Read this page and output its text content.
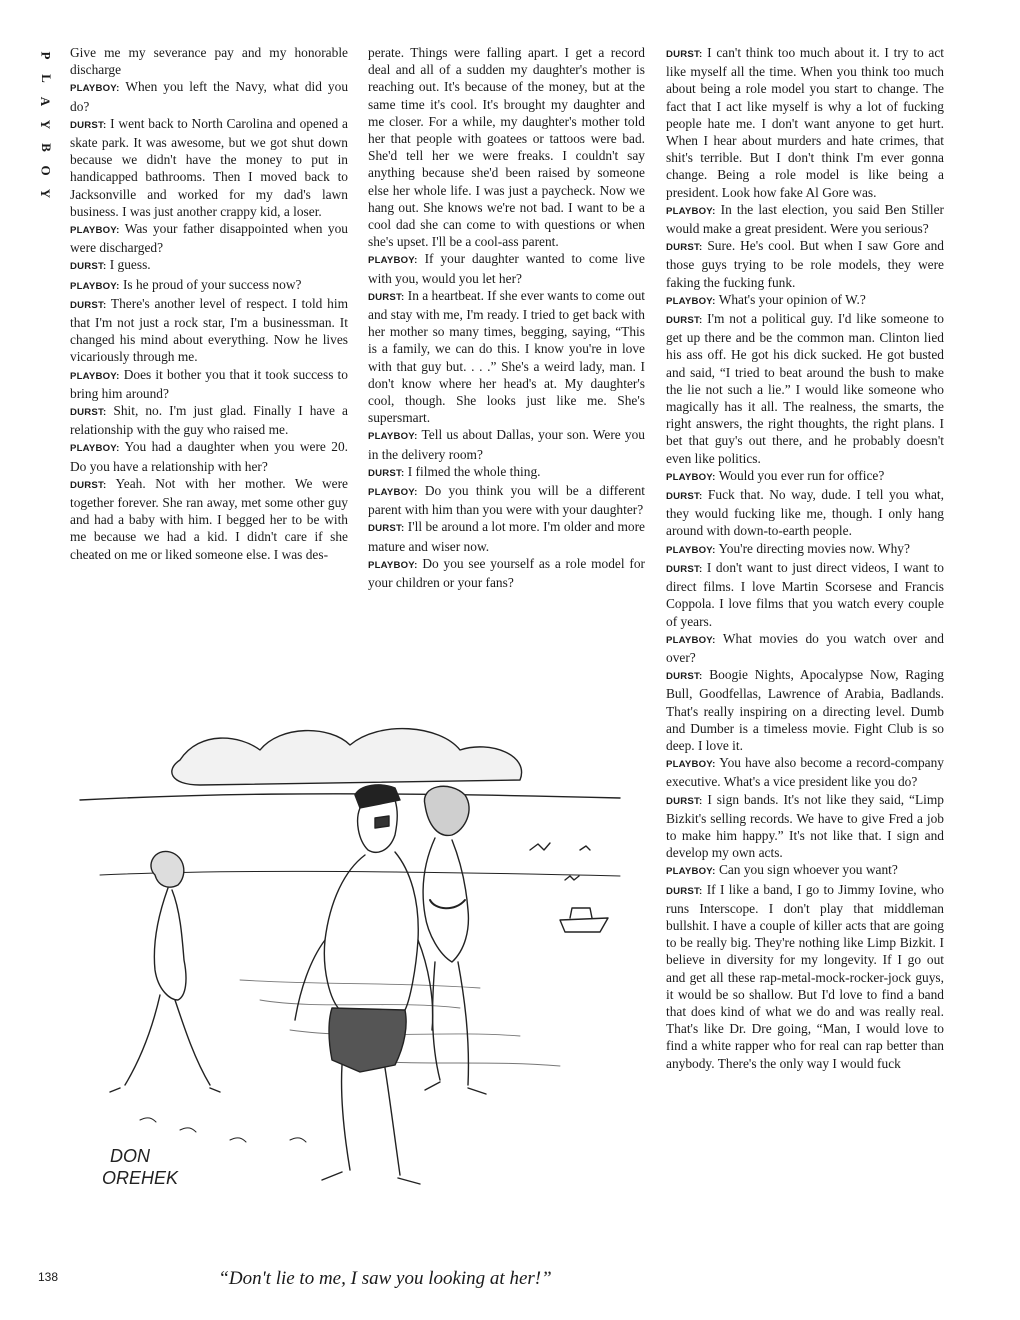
P
L
A
Y
B
O
Y

Give me my severance pay and my honorable discharge

PLAYBOY: When you left the Navy, what did you do?

DURST: I went back to North Carolina and opened a skate park. It was awesome, but we got shut down because we didn't have the money to put in handicapped bathrooms. Then I moved back to Jacksonville and worked for my dad's lawn business. I was just another crappy kid, a loser.

PLAYBOY: Was your father disappointed when you were discharged?

DURST: I guess.

PLAYBOY: Is he proud of your success now?

DURST: There's another level of respect. I told him that I'm not just a rock star, I'm a businessman. It changed his mind about everything. Now he lives vicariously through me.

PLAYBOY: Does it bother you that it took success to bring him around?

DURST: Shit, no. I'm just glad. Finally I have a relationship with the guy who raised me.

PLAYBOY: You had a daughter when you were 20. Do you have a relationship with her?

DURST: Yeah. Not with her mother. We were together forever. She ran away, met some other guy and had a baby with him. I begged her to be with me because we had a kid. I didn't care if she cheated on me or liked someone else. I was des-

perate. Things were falling apart. I get a record deal and all of a sudden my daughter's mother is reaching out. It's because of the money, but at the same time it's cool. It's brought my daughter and me closer. For a while, my daughter's mother told her that people with goatees or tattoos were bad. She'd tell her we were freaks. I couldn't say anything because she'd been raised by someone else her whole life. I was just a paycheck. Now we hang out. She knows we're not bad. I want to be a cool dad she can come to with questions or when she's upset. I'll be a cool-ass parent.

PLAYBOY: If your daughter wanted to come live with you, would you let her?

DURST: In a heartbeat. If she ever wants to come out and stay with me, I'm ready. I tried to get back with her mother so many times, begging, saying, “This is a family, we can do this. I know you're in love with that guy but. . . .” She's a weird lady, man. I don't know where her head's at. My daughter's cool, though. She looks just like me. She's supersmart.

PLAYBOY: Tell us about Dallas, your son. Were you in the delivery room?

DURST: I filmed the whole thing.

PLAYBOY: Do you think you will be a different parent with him than you were with your daughter?

DURST: I'll be around a lot more. I'm older and more mature and wiser now.

PLAYBOY: Do you see yourself as a role model for your children or your fans?

DURST: I can't think too much about it. I try to act like myself all the time. When you think too much about being a role model you start to change. The fact that I act like myself is why a lot of fucking people hate me. I don't want anyone to get hurt. When I hear about murders and hate crimes, that shit's terrible. But I don't think I'm ever gonna change. Being a role model is like being a president. Look how fake Al Gore was.

PLAYBOY: In the last election, you said Ben Stiller would make a great president. Were you serious?

DURST: Sure. He's cool. But when I saw Gore and those guys trying to be role models, they were faking the fucking funk.

PLAYBOY: What's your opinion of W.?

DURST: I'm not a political guy. I'd like someone to get up there and be the common man. Clinton lied his ass off. He got his dick sucked. He got busted and said, “I tried to beat around the bush to make the lie not such a lie.” I would like someone who magically has it all. The realness, the smarts, the right answers, the right thoughts, the right plans. I bet that guy's out there, and he probably doesn't even like politics.

PLAYBOY: Would you ever run for office?

DURST: Fuck that. No way, dude. I tell you what, they would fucking like me, though. I only hang around with down-to-earth people.

PLAYBOY: You're directing movies now. Why?

DURST: I don't want to just direct videos, I want to direct films. I love Martin Scorsese and Francis Coppola. I love films that you watch every couple of years.

PLAYBOY: What movies do you watch over and over?

DURST: Boogie Nights, Apocalypse Now, Raging Bull, Goodfellas, Lawrence of Arabia, Badlands. That's really inspiring on a directing level. Dumb and Dumber is a timeless movie. Fight Club is so deep. I love it.

PLAYBOY: You have also become a record-company executive. What's a vice president like you do?

DURST: I sign bands. It's not like they said, “Limp Bizkit's selling records. We have to give Fred a job to make him happy.” It's not like that. I sign and develop my own acts.

PLAYBOY: Can you sign whoever you want?

DURST: If I like a band, I go to Jimmy Iovine, who runs Interscope. I don't play that middleman bullshit. I have a couple of killer acts that are going to be really big. They're nothing like Limp Bizkit. I believe in diversity for my longevity. If I go out and get all these rap-metal-mock-rocker-jock guys, it would be so shallow. But I'd love to find a band that does kind of what we do and was really real. That's like Dr. Dre going, “Man, I would love to find a white rapper who for real can rap better than anybody. There's the only way I would fuck

DON
OREHEK
“Don't lie to me, I saw you looking at her!”
138
